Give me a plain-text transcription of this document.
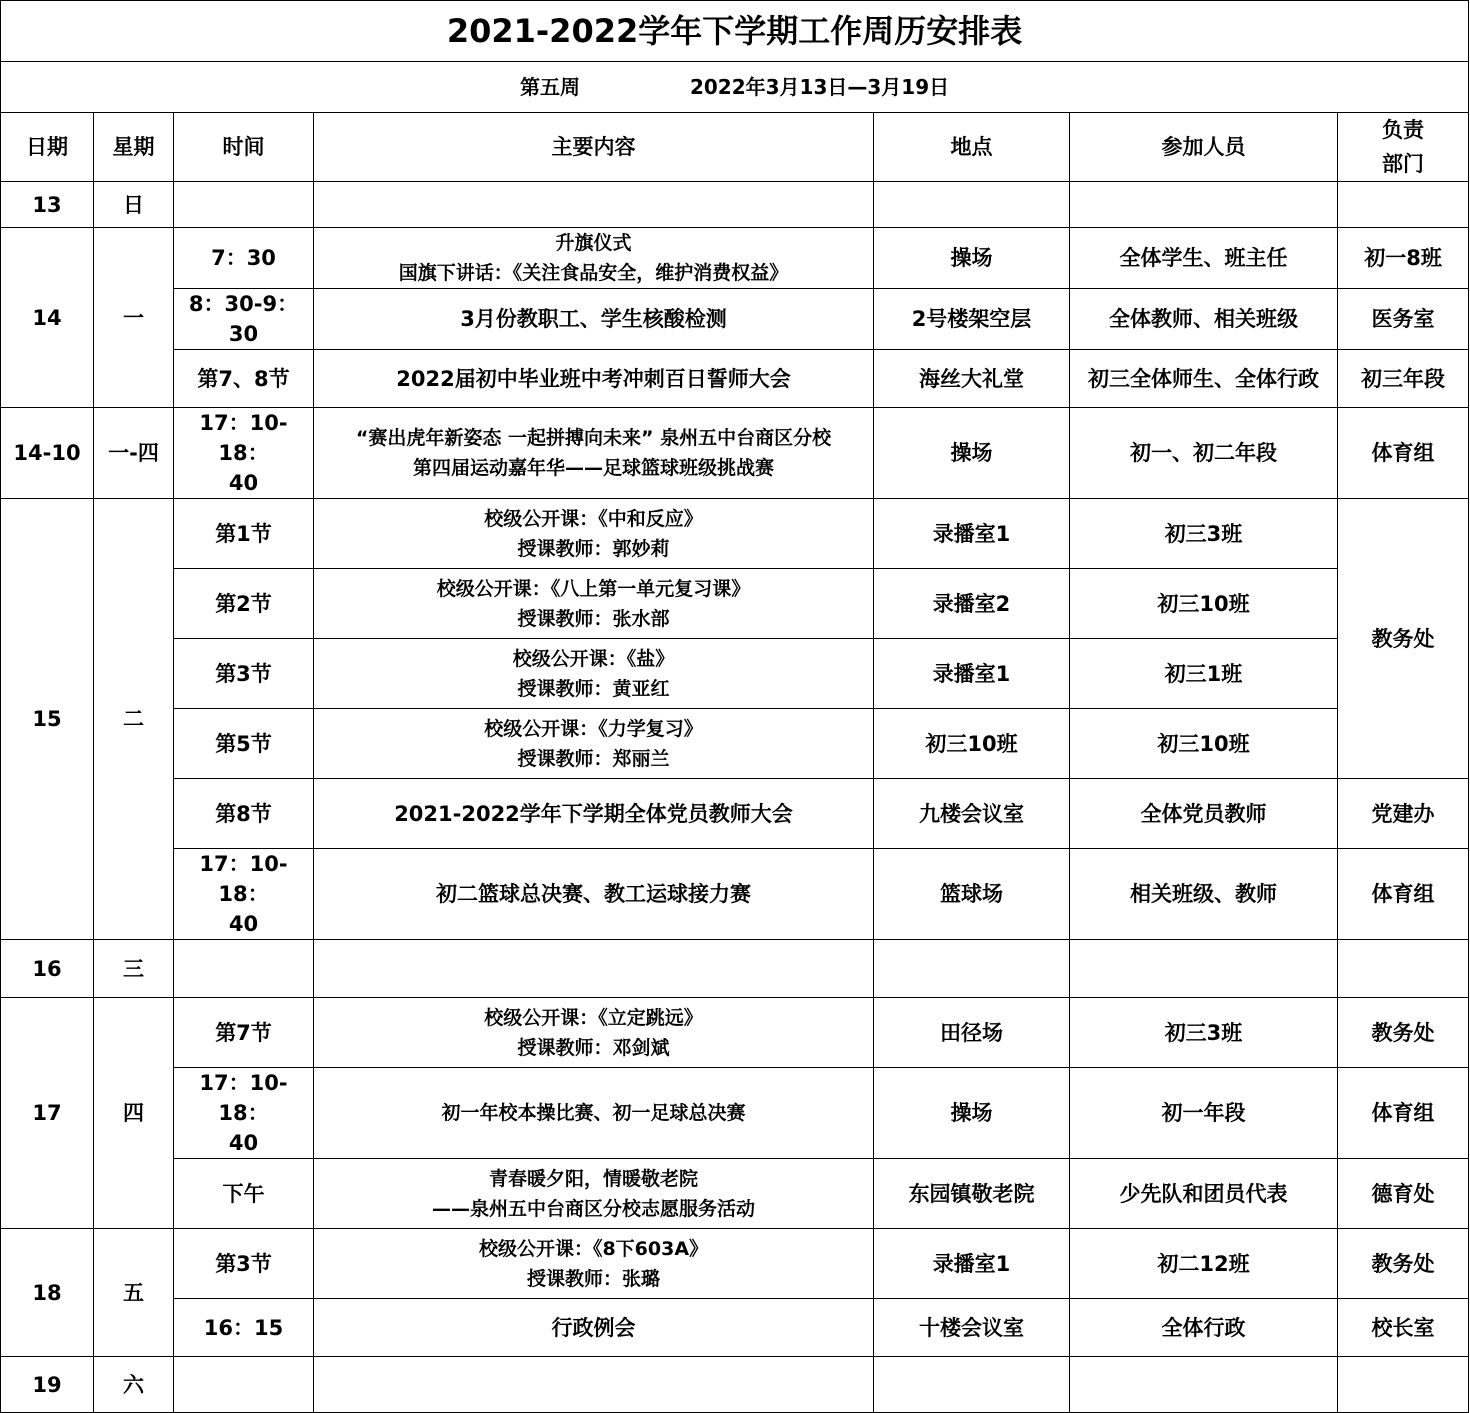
2021-2022学年下学期工作周历安排表						
第五周 2022年3月13日—3月19日						
日期	星期	时间	主要内容	地点	参加人员	负责
部门

13	日					
14	一	7：30	升旗仪式
国旗下讲话：《关注食品安全，维护消费权益》	操场	全体学生、班主任	初一8班
		8：30-9：30	3月份教职工、学生核酸检测	2号楼架空层	全体教师、相关班级	医务室
		第7、8节	2022届初中毕业班中考冲刺百日誓师大会	海丝大礼堂	初三全体师生、全体行政	初三年段
14-10	一-四	17：10-18：
40	“赛出虎年新姿态 一起拼搏向未来” 泉州五中台商区分校
第四届运动嘉年华——足球篮球班级挑战赛	操场	初一、初二年段	体育组
15	二	第1节	校级公开课：《中和反应》
授课教师：郭妙莉	录播室1	初三3班	教务处
		第2节	校级公开课：《八上第一单元复习课》
授课教师：张水部	录播室2	初三10班	
		第3节	校级公开课：《盐》
授课教师：黄亚红	录播室1	初三1班	
		第5节	校级公开课：《力学复习》
授课教师：郑丽兰	初三10班	初三10班	
		第8节	2021-2022学年下学期全体党员教师大会	九楼会议室	全体党员教师	党建办

		17：10-18：
40	初二篮球总决赛、教工运球接力赛	篮球场	相关班级、教师	体育组
16	三					
17	四	第7节	校级公开课：《立定跳远》
授课教师：邓剑斌	田径场	初三3班	教务处

		17：10-18：
40	初一年校本操比赛、初一足球总决赛	操场	初一年段	体育组
		下午	青春暖夕阳，情暖敬老院
——泉州五中台商区分校志愿服务活动	东园镇敬老院	少先队和团员代表	德育处
18	五	第3节	校级公开课：《8下603A》
授课教师：张璐	录播室1	初二12班	教务处
		16：15	行政例会	十楼会议室	全体行政	校长室
19	六					
